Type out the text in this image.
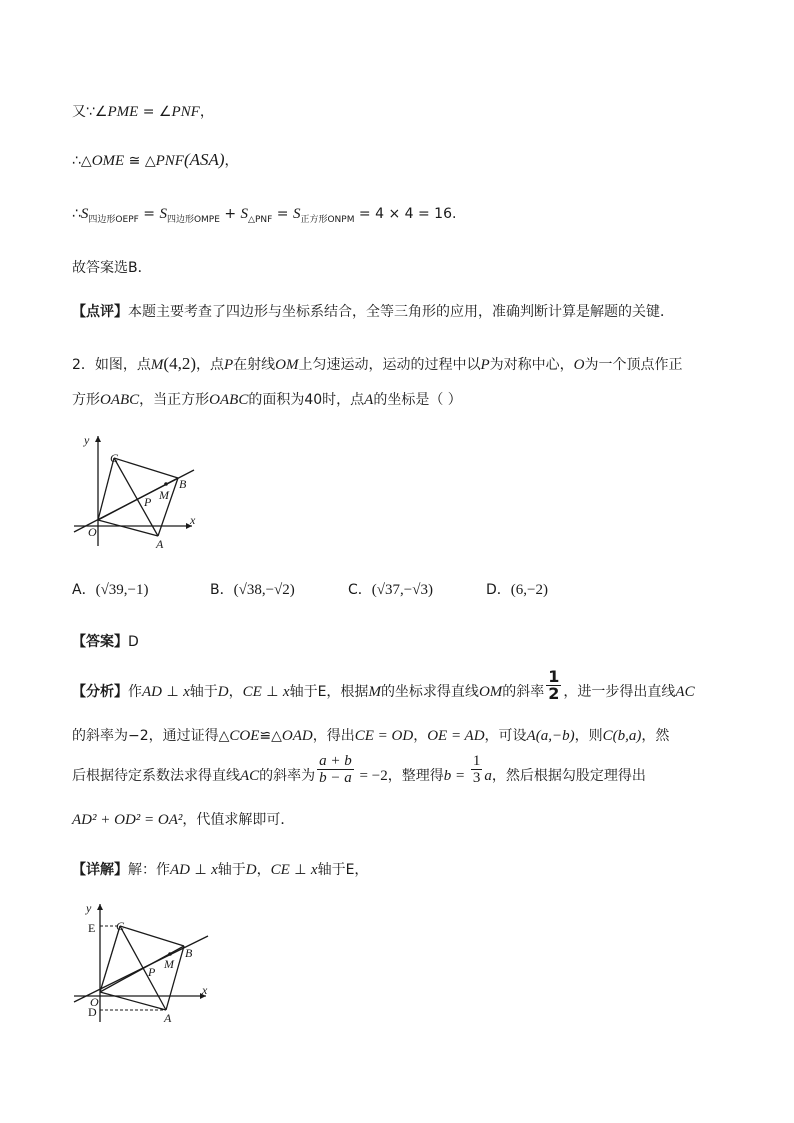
又∵∠PME = ∠PNF，
∴△OME ≅ △PNF(ASA)，
$\therefore S_{四边形OEPF} = S_{四边形OMPE} + S_{\triangle PNF} = S_{正方形ONPM} = 4 \times 4 = 16$.
故答案选B．
【点评】本题主要考查了四边形与坐标系结合，全等三角形的应用，准确判断计算是解题的关键．
2．如图，点M(4,2)，点P在射线OM上匀速运动，运动的过程中以P为对称中心，O为一个顶点作正
方形OABC，当正方形OABC的面积为40时，点A的坐标是（ ）
y
x
O
A
B
C
M
P
A．(√39,−1)	B．(√38,−√2)	C．(√37,−√3)	D．(6,−2)
【答案】D
【分析】作AD ⊥ x轴于D，CE ⊥ x轴于E，根据M的坐标求得直线OM的斜率 $\frac{1}{2}$ ，进一步得出直线AC
的斜率为−2，通过证得△COE≌△OAD，得出CE = OD，OE = AD，可设A(a,−b)，则C(b,a)，然
后根据待定系数法求得直线AC的斜率为 $\frac{a + b}{b - a} = -2$，整理得$b = \frac{1}{3}$ a，然后根据勾股定理得出
AD² + OD² = OA²，代值求解即可．
【详解】解：作AD ⊥ x轴于D，CE ⊥ x轴于E，
y
x
O
A
B
C
M
P
E
D
